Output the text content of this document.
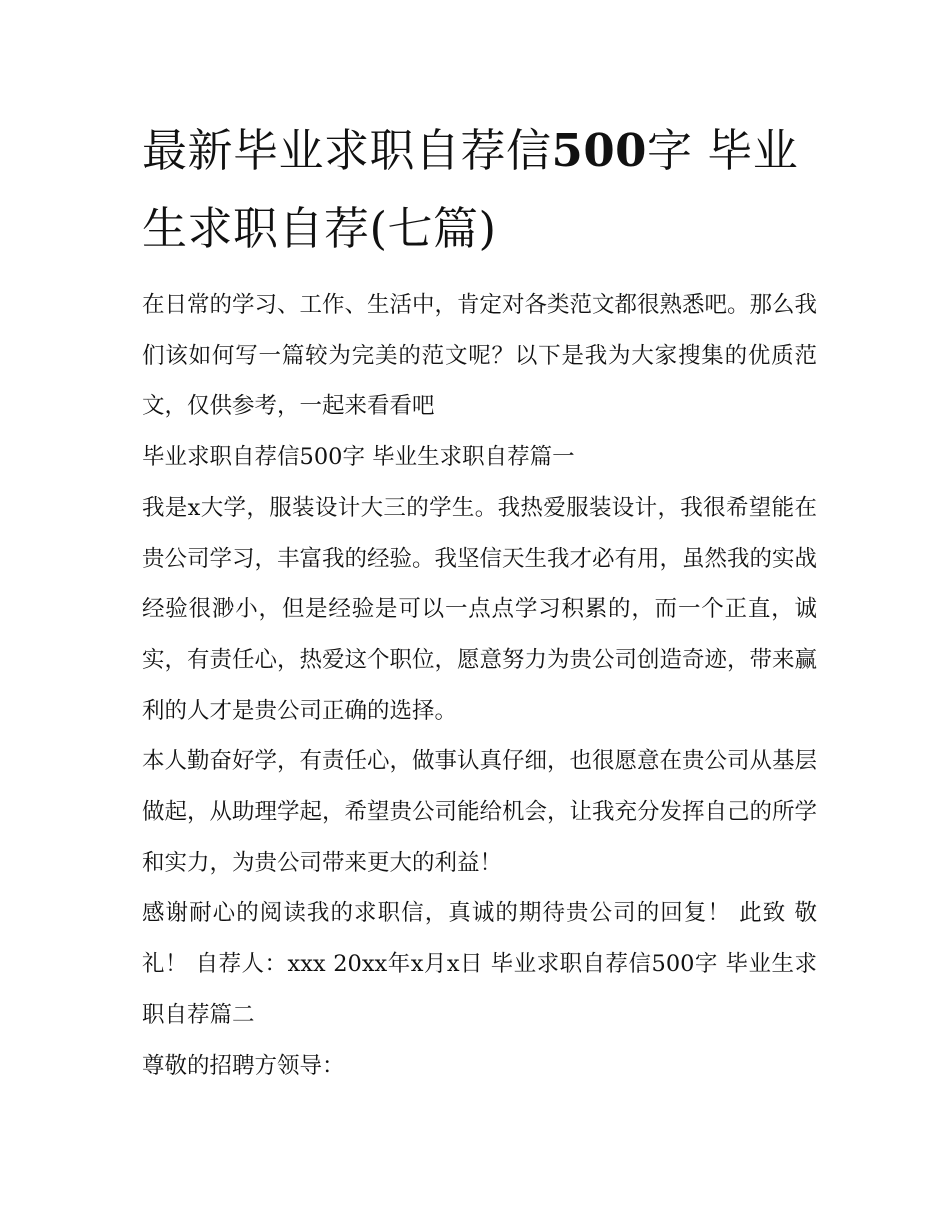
最新毕业求职自荐信500字 毕业生求职自荐(七篇)

在日常的学习、工作、生活中，肯定对各类范文都很熟悉吧。那么我们该如何写一篇较为完美的范文呢？以下是我为大家搜集的优质范文，仅供参考，一起来看看吧

毕业求职自荐信500字 毕业生求职自荐篇一

我是x大学，服装设计大三的学生。我热爱服装设计，我很希望能在贵公司学习，丰富我的经验。我坚信天生我才必有用，虽然我的实战经验很渺小，但是经验是可以一点点学习积累的，而一个正直，诚实，有责任心，热爱这个职位，愿意努力为贵公司创造奇迹，带来赢利的人才是贵公司正确的选择。

本人勤奋好学，有责任心，做事认真仔细，也很愿意在贵公司从基层做起，从助理学起，希望贵公司能给机会，让我充分发挥自己的所学和实力，为贵公司带来更大的利益！

感谢耐心的阅读我的求职信，真诚的期待贵公司的回复！ 此致 敬礼！ 自荐人：xxx 20xx年x月x日 毕业求职自荐信500字 毕业生求职自荐篇二

尊敬的招聘方领导：
